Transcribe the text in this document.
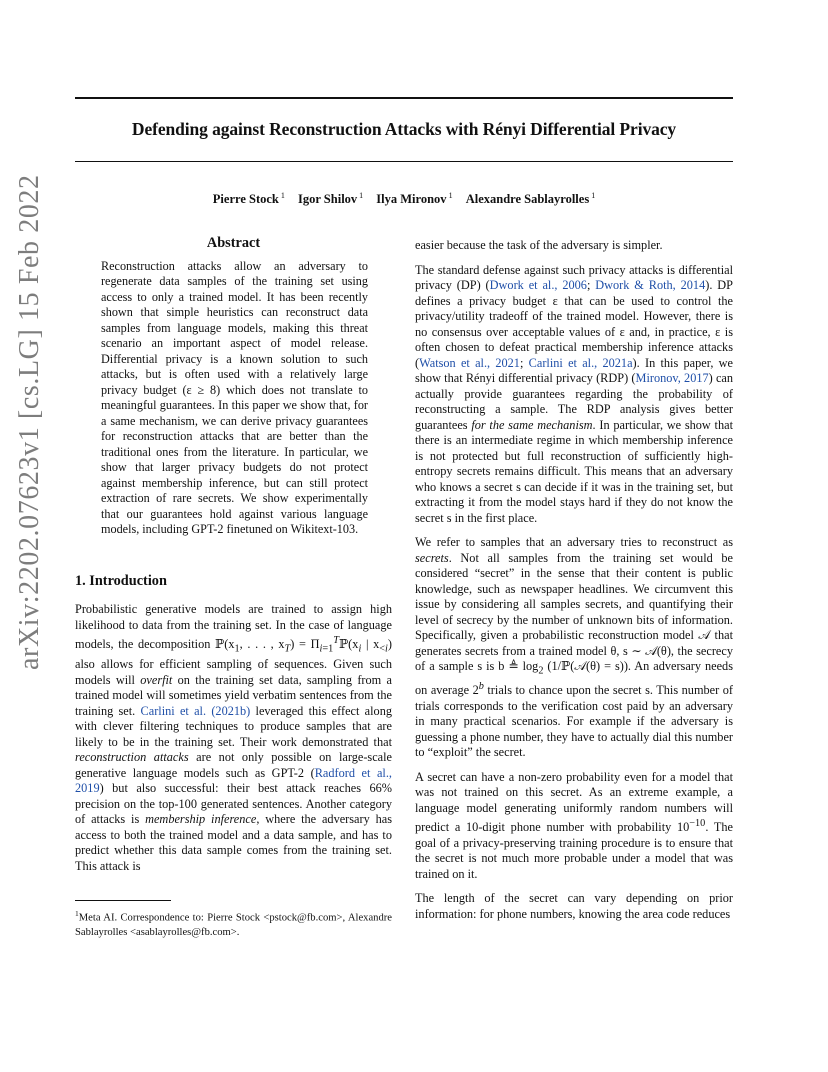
Defending against Reconstruction Attacks with Rényi Differential Privacy
Pierre Stock $^1$ Igor Shilov $^1$ Ilya Mironov $^1$ Alexandre Sablayrolles $^1$
arXiv:2202.07623v1 [cs.LG] 15 Feb 2022	Abstract
Reconstruction attacks allow an adversary to regenerate data samples of the training set using access to only a trained model. It has been recently shown that simple heuristics can reconstruct data samples from language models, making this threat scenario an important aspect of model release. Differential privacy is a known solution to such attacks, but is often used with a relatively large privacy budget (ε ≥ 8) which does not translate to meaningful guarantees. In this paper we show that, for a same mechanism, we can derive privacy guarantees for reconstruction attacks that are better than the traditional ones from the literature. In particular, we show that larger privacy budgets do not protect against membership inference, but can still protect extraction of rare secrets. We show experimentally that our guarantees hold against various language models, including GPT-2 finetuned on Wikitext-103.
1. Introduction

Probabilistic generative models are trained to assign high likelihood to data from the training set. In the case of language models, the decomposition $ℙ(x_1$, . . . , $x_T$) = $\Pi_{i=1}^Tℙ(x_i$ | $x_{<i}$) also allows for efficient sampling of sequences. Given such models will overfit on the training set data, sampling from a trained model will sometimes yield verbatim sentences from the training set. Carlini et al. (2021b) leveraged this effect along with clever filtering techniques to produce samples that are likely to be in the training set. Their work demonstrated that reconstruction attacks are not only possible on large-scale generative language models such as GPT-2 (Radford et al., 2019) but also successful: their best attack reaches 66% precision on the top-100 generated sentences. Another category of attacks is membership inference, where the adversary has access to both the trained model and a data sample, and has to predict whether this data sample comes from the training set. This attack is

$^1$Meta AI. Correspondence to: Pierre Stock <pstock@fb.com>, Alexandre Sablayrolles <asablayrolles@fb.com>.

easier because the task of the adversary is simpler.

The standard defense against such privacy attacks is differential privacy (DP) (Dwork et al., 2006; Dwork & Roth, 2014). DP defines a privacy budget ε that can be used to control the privacy/utility tradeoff of the trained model. However, there is no consensus over acceptable values of ε and, in practice, ε is often chosen to defeat practical membership inference attacks (Watson et al., 2021; Carlini et al., 2021a). In this paper, we show that Rényi differential privacy (RDP) (Mironov, 2017) can actually provide guarantees regarding the probability of reconstructing a sample. The RDP analysis gives better guarantees for the same mechanism. In particular, we show that there is an intermediate regime in which membership inference is not protected but full reconstruction of sufficiently high-entropy secrets remains difficult. This means that an adversary who knows a secret s can decide if it was in the training set, but extracting it from the model stays hard if they do not know the secret s in the first place.

We refer to samples that an adversary tries to reconstruct as secrets. Not all samples from the training set would be considered “secret” in the sense that their content is public knowledge, such as newspaper headlines. We circumvent this issue by considering all samples secrets, and quantifying their level of secrecy by the number of unknown bits of information. Specifically, given a probabilistic reconstruction model 𝒜 that generates secrets from a trained model θ, s ∼ 𝒜(θ), the secrecy of a sample s is b ≜ $\log_2$ (1/ℙ(𝒜(θ) = s)). An adversary needs on average 2$^b$ trials to chance upon the secret s. This number of trials corresponds to the verification cost paid by an adversary in many practical scenarios. For example if the adversary is guessing a phone number, they have to actually dial this number to “exploit” the secret.

A secret can have a non-zero probability even for a model that was not trained on this secret. As an extreme example, a language model generating uniformly random numbers will predict a 10-digit phone number with probability $10^{-10}$. The goal of a privacy-preserving training procedure is to ensure that the secret is not much more probable under a model that was trained on it.

The length of the secret can vary depending on prior information: for phone numbers, knowing the area code reduces
